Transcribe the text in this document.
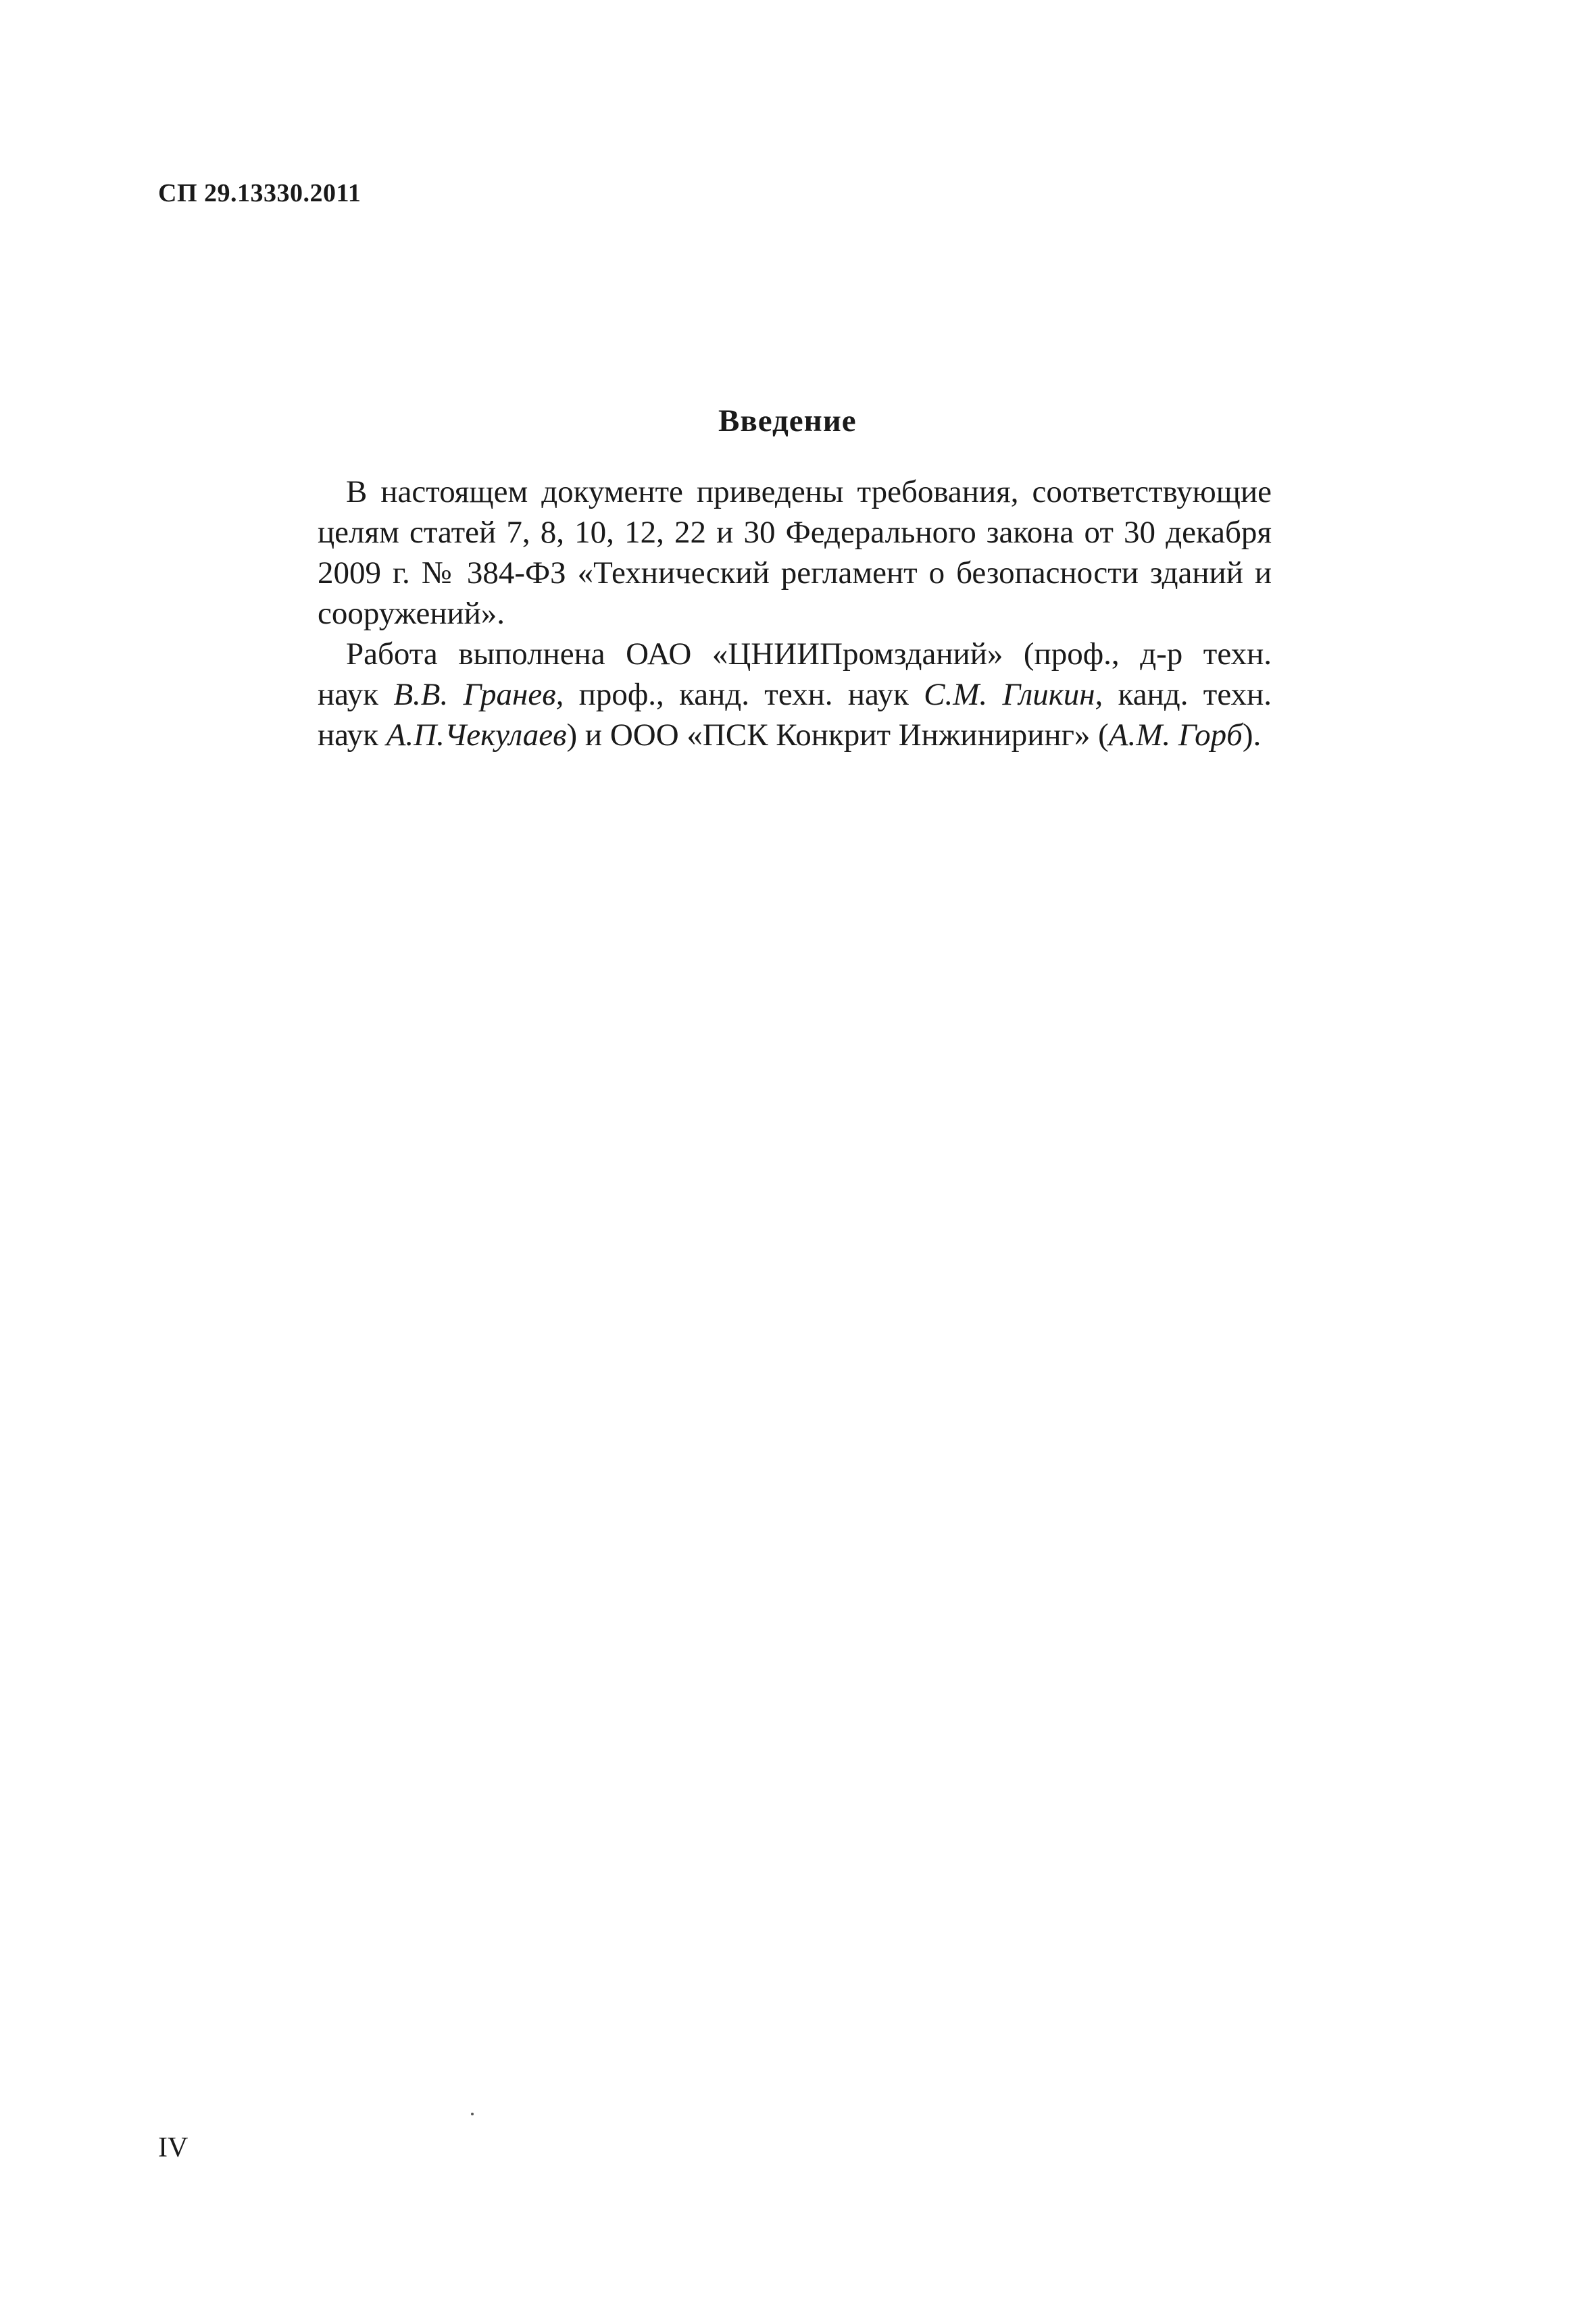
СП 29.13330.2011
Введение

В настоящем документе приведены требования, соответствующие
целям статей 7, 8, 10, 12, 22 и 30 Федерального закона от 30 декабря
2009 г. № 384-ФЗ «Технический регламент о безопасности зданий и
сооружений».

Работа выполнена ОАО «ЦНИИПромзданий» (проф., д-р техн.
наук В.В. Гранев, проф., канд. техн. наук С.М. Гликин, канд. техн.
наук А.П.Чекулаев) и ООО «ПСК Конкрит Инжиниринг» (А.М. Горб).

IV
